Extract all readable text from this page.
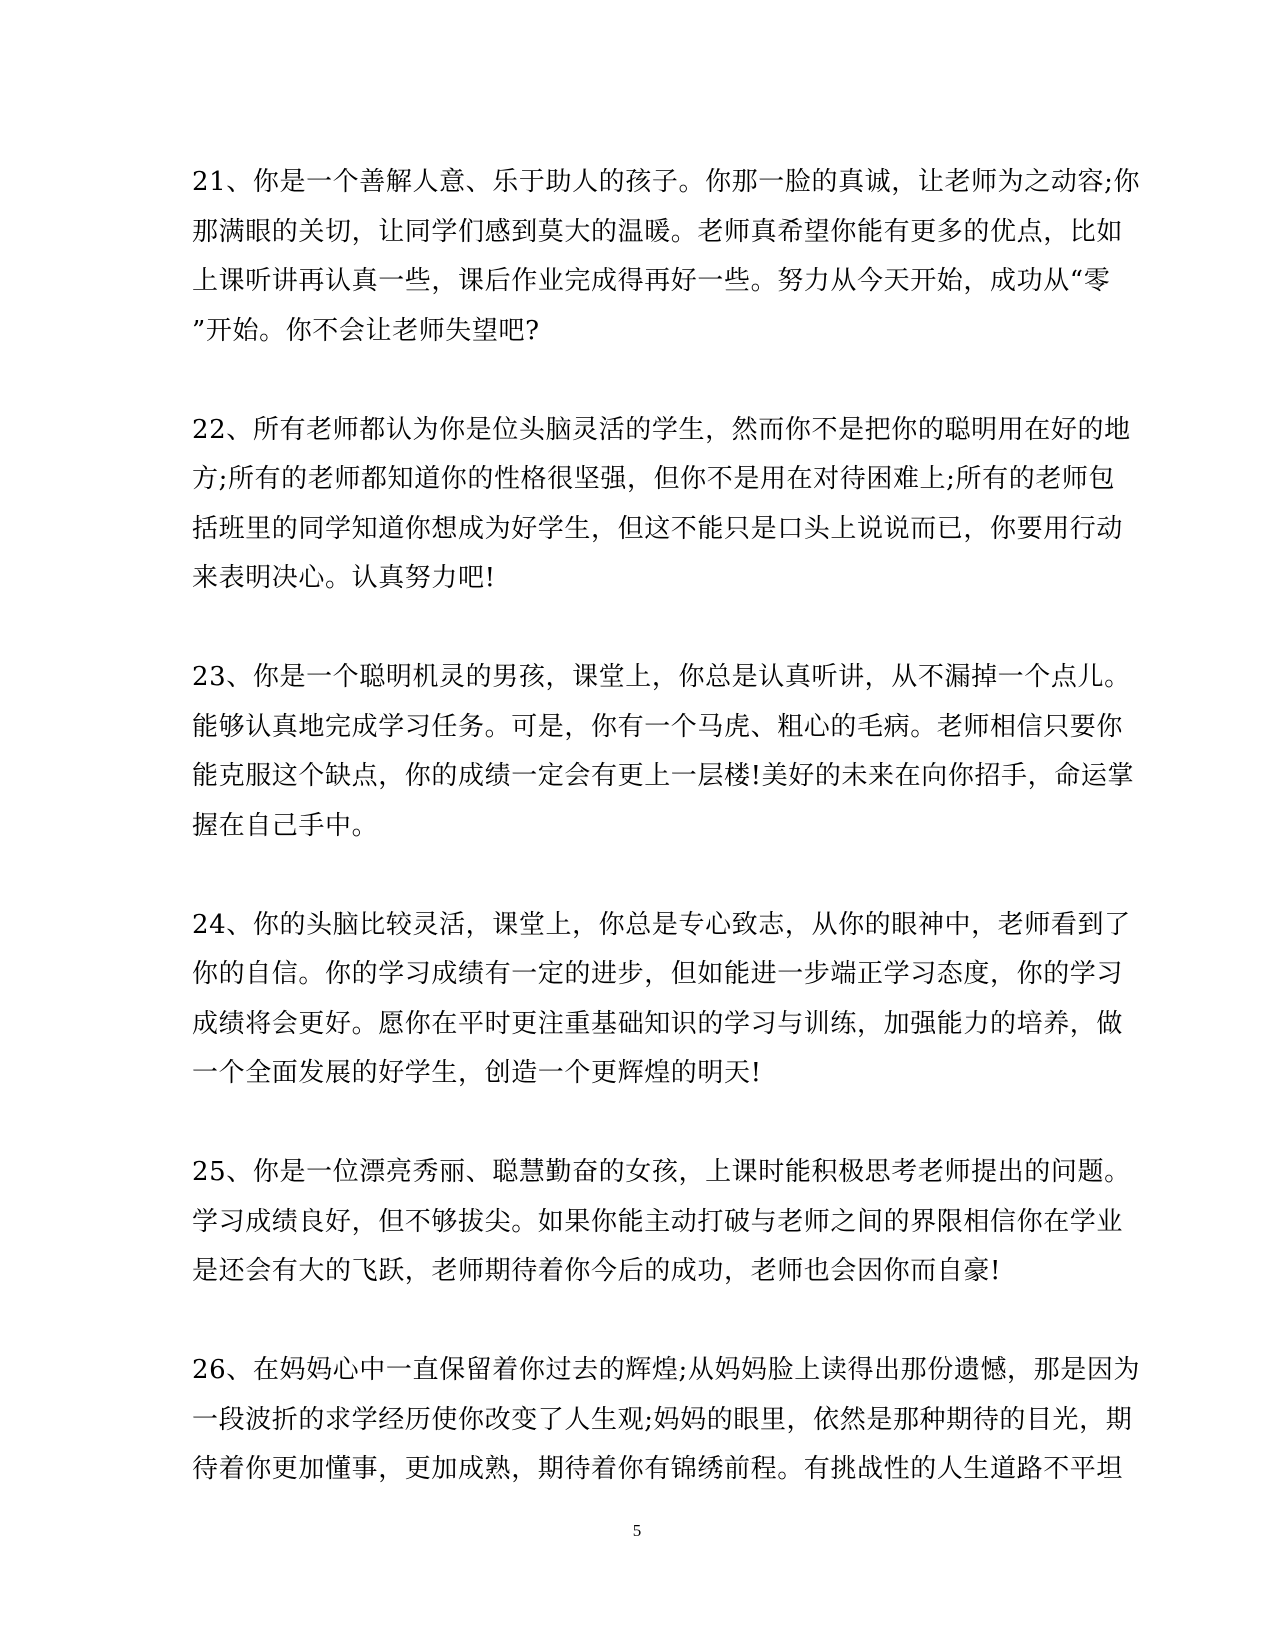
21、你是一个善解人意、乐于助人的孩子。你那一脸的真诚，让老师为之动容;你
那满眼的关切，让同学们感到莫大的温暖。老师真希望你能有更多的优点，比如
上课听讲再认真一些，课后作业完成得再好一些。努力从今天开始，成功从“零
”开始。你不会让老师失望吧?

22、所有老师都认为你是位头脑灵活的学生，然而你不是把你的聪明用在好的地
方;所有的老师都知道你的性格很坚强，但你不是用在对待困难上;所有的老师包
括班里的同学知道你想成为好学生，但这不能只是口头上说说而已，你要用行动
来表明决心。认真努力吧!

23、你是一个聪明机灵的男孩，课堂上，你总是认真听讲，从不漏掉一个点儿。
能够认真地完成学习任务。可是，你有一个马虎、粗心的毛病。老师相信只要你
能克服这个缺点，你的成绩一定会有更上一层楼!美好的未来在向你招手，命运掌
握在自己手中。

24、你的头脑比较灵活，课堂上，你总是专心致志，从你的眼神中，老师看到了
你的自信。你的学习成绩有一定的进步，但如能进一步端正学习态度，你的学习
成绩将会更好。愿你在平时更注重基础知识的学习与训练，加强能力的培养，做
一个全面发展的好学生，创造一个更辉煌的明天!

25、你是一位漂亮秀丽、聪慧勤奋的女孩，上课时能积极思考老师提出的问题。
学习成绩良好，但不够拔尖。如果你能主动打破与老师之间的界限相信你在学业
是还会有大的飞跃，老师期待着你今后的成功，老师也会因你而自豪!

26、在妈妈心中一直保留着你过去的辉煌;从妈妈脸上读得出那份遗憾，那是因为
一段波折的求学经历使你改变了人生观;妈妈的眼里，依然是那种期待的目光，期
待着你更加懂事，更加成熟，期待着你有锦绣前程。有挑战性的人生道路不平坦

5
